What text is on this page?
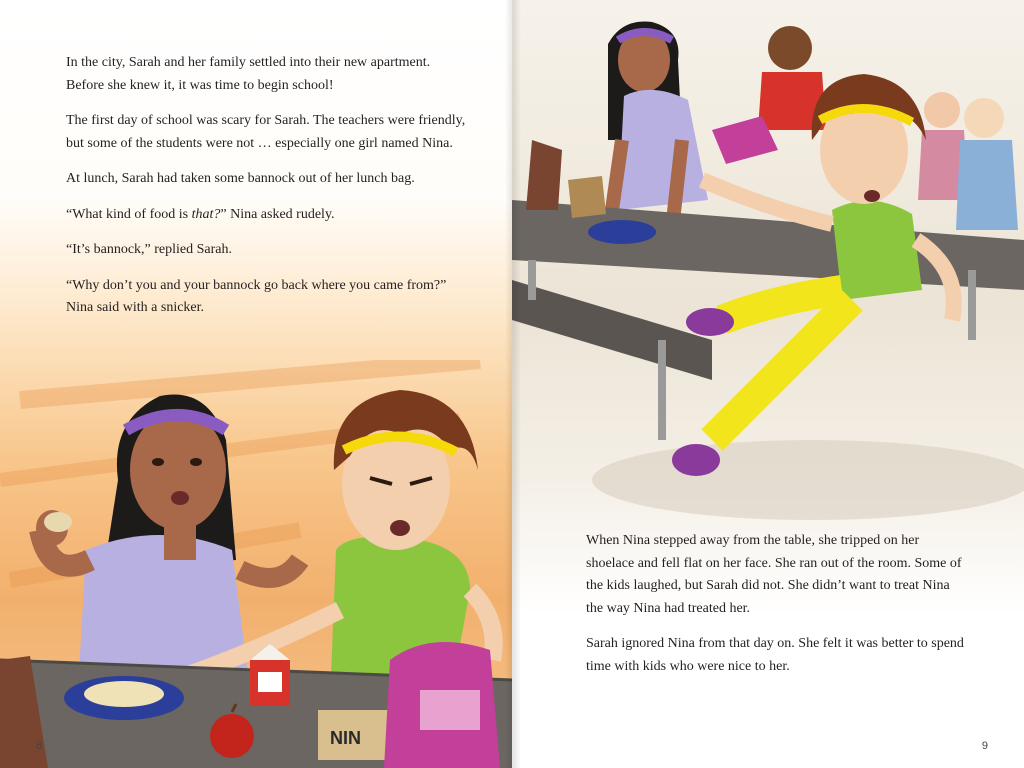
In the city, Sarah and her family settled into their new apartment. Before she knew it, it was time to begin school!

The first day of school was scary for Sarah. The teachers were friendly, but some of the students were not … especially one girl named Nina.

At lunch, Sarah had taken some bannock out of her lunch bag.

“What kind of food is that?” Nina asked rudely.

“It’s bannock,” replied Sarah.

“Why don’t you and your bannock go back where you came from?” Nina said with a snicker.

NIN
8	9

When Nina stepped away from the table, she tripped on her shoelace and fell flat on her face. She ran out of the room. Some of the kids laughed, but Sarah did not. She didn’t want to treat Nina the way Nina had treated her.

Sarah ignored Nina from that day on. She felt it was better to spend time with kids who were nice to her.
